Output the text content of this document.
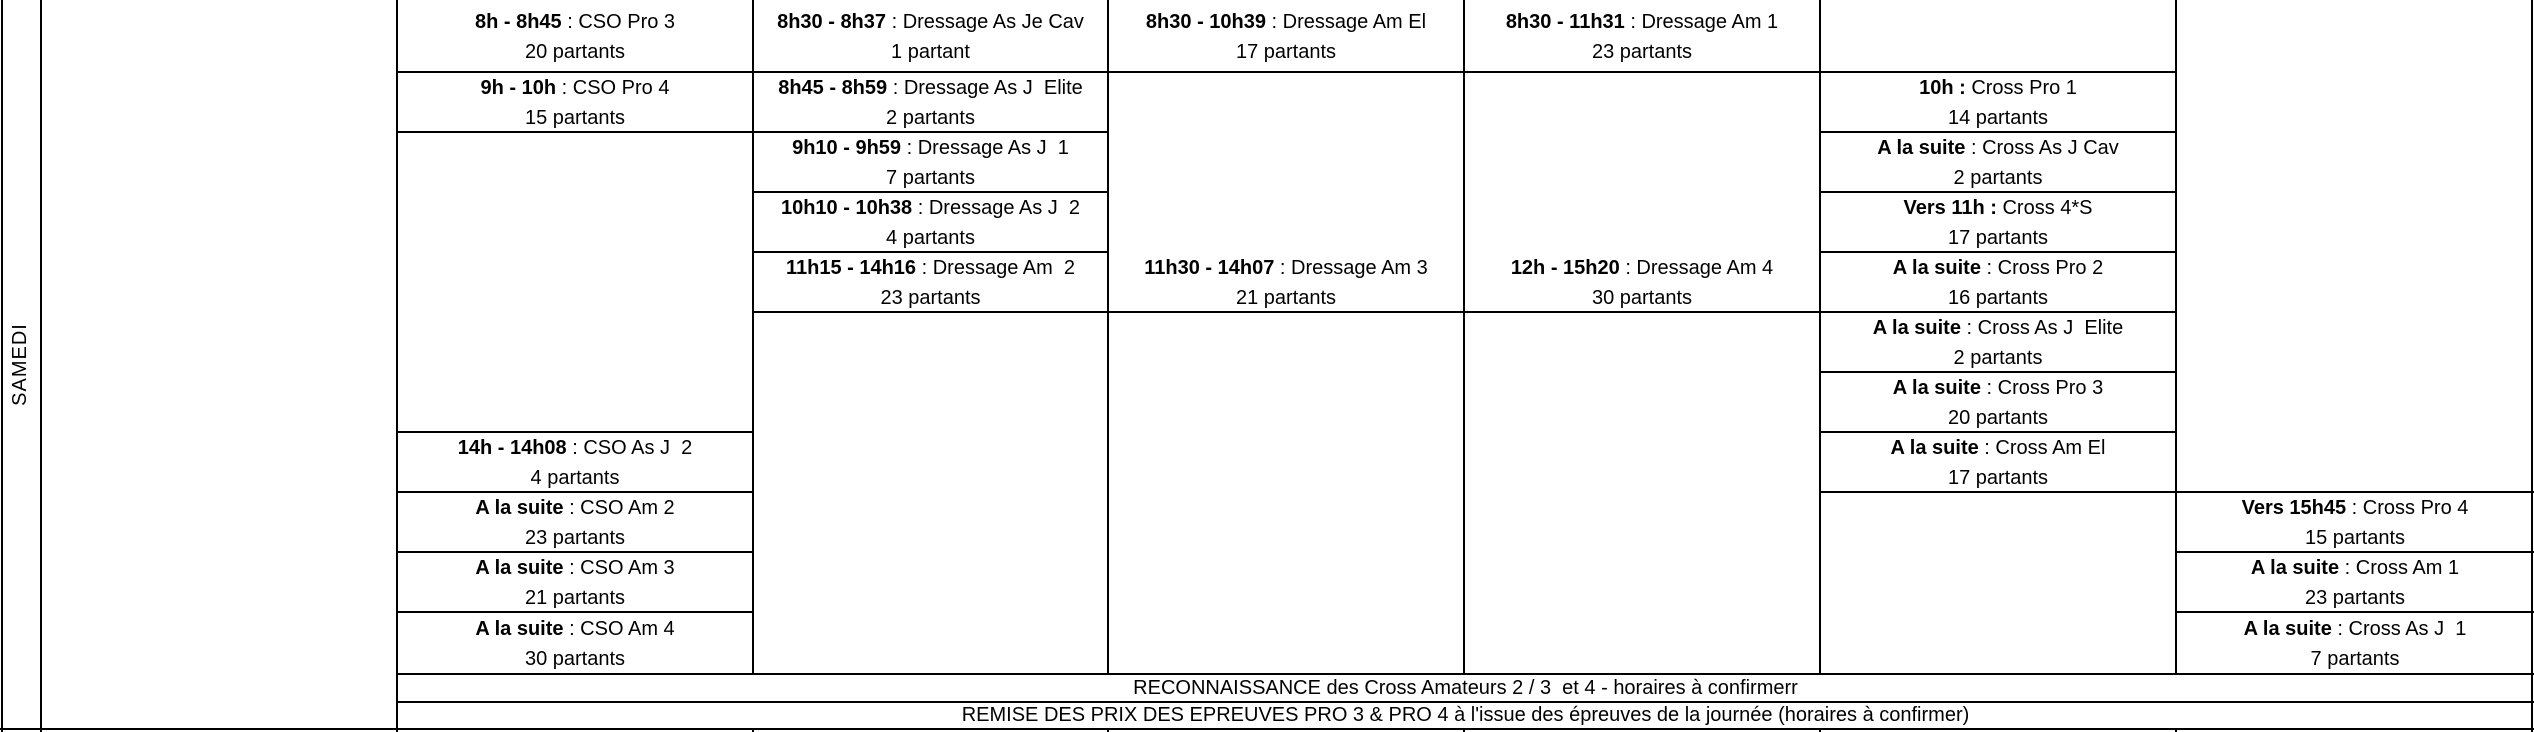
SAMEDI
8h - 8h45 : CSO Pro 3
20 partants
9h - 10h : CSO Pro 4
15 partants
14h - 14h08 : CSO As J  2
4 partants
A la suite : CSO Am 2
23 partants
A la suite : CSO Am 3
21 partants
A la suite : CSO Am 4
30 partants
8h30 - 8h37 : Dressage As Je Cav
1 partant
8h45 - 8h59 : Dressage As J  Elite
2 partants
9h10 - 9h59 : Dressage As J  1
7 partants
10h10 - 10h38 : Dressage As J  2
4 partants
11h15 - 14h16 : Dressage Am  2
23 partants
8h30 - 10h39 : Dressage Am El
17 partants
11h30 - 14h07 : Dressage Am 3
21 partants
8h30 - 11h31 : Dressage Am 1
23 partants
12h - 15h20 : Dressage Am 4
30 partants
10h : Cross Pro 1
14 partants
A la suite : Cross As J Cav
2 partants
Vers 11h : Cross 4*S
17 partants
A la suite : Cross Pro 2
16 partants
A la suite : Cross As J  Elite
2 partants
A la suite : Cross Pro 3
20 partants
A la suite : Cross Am El
17 partants
Vers 15h45 : Cross Pro 4
15 partants
A la suite : Cross Am 1
23 partants
A la suite : Cross As J  1
7 partants
RECONNAISSANCE des Cross Amateurs 2 / 3  et 4 - horaires à confirmerr
REMISE DES PRIX DES EPREUVES PRO 3 & PRO 4 à l'issue des épreuves de la journée (horaires à confirmer)
